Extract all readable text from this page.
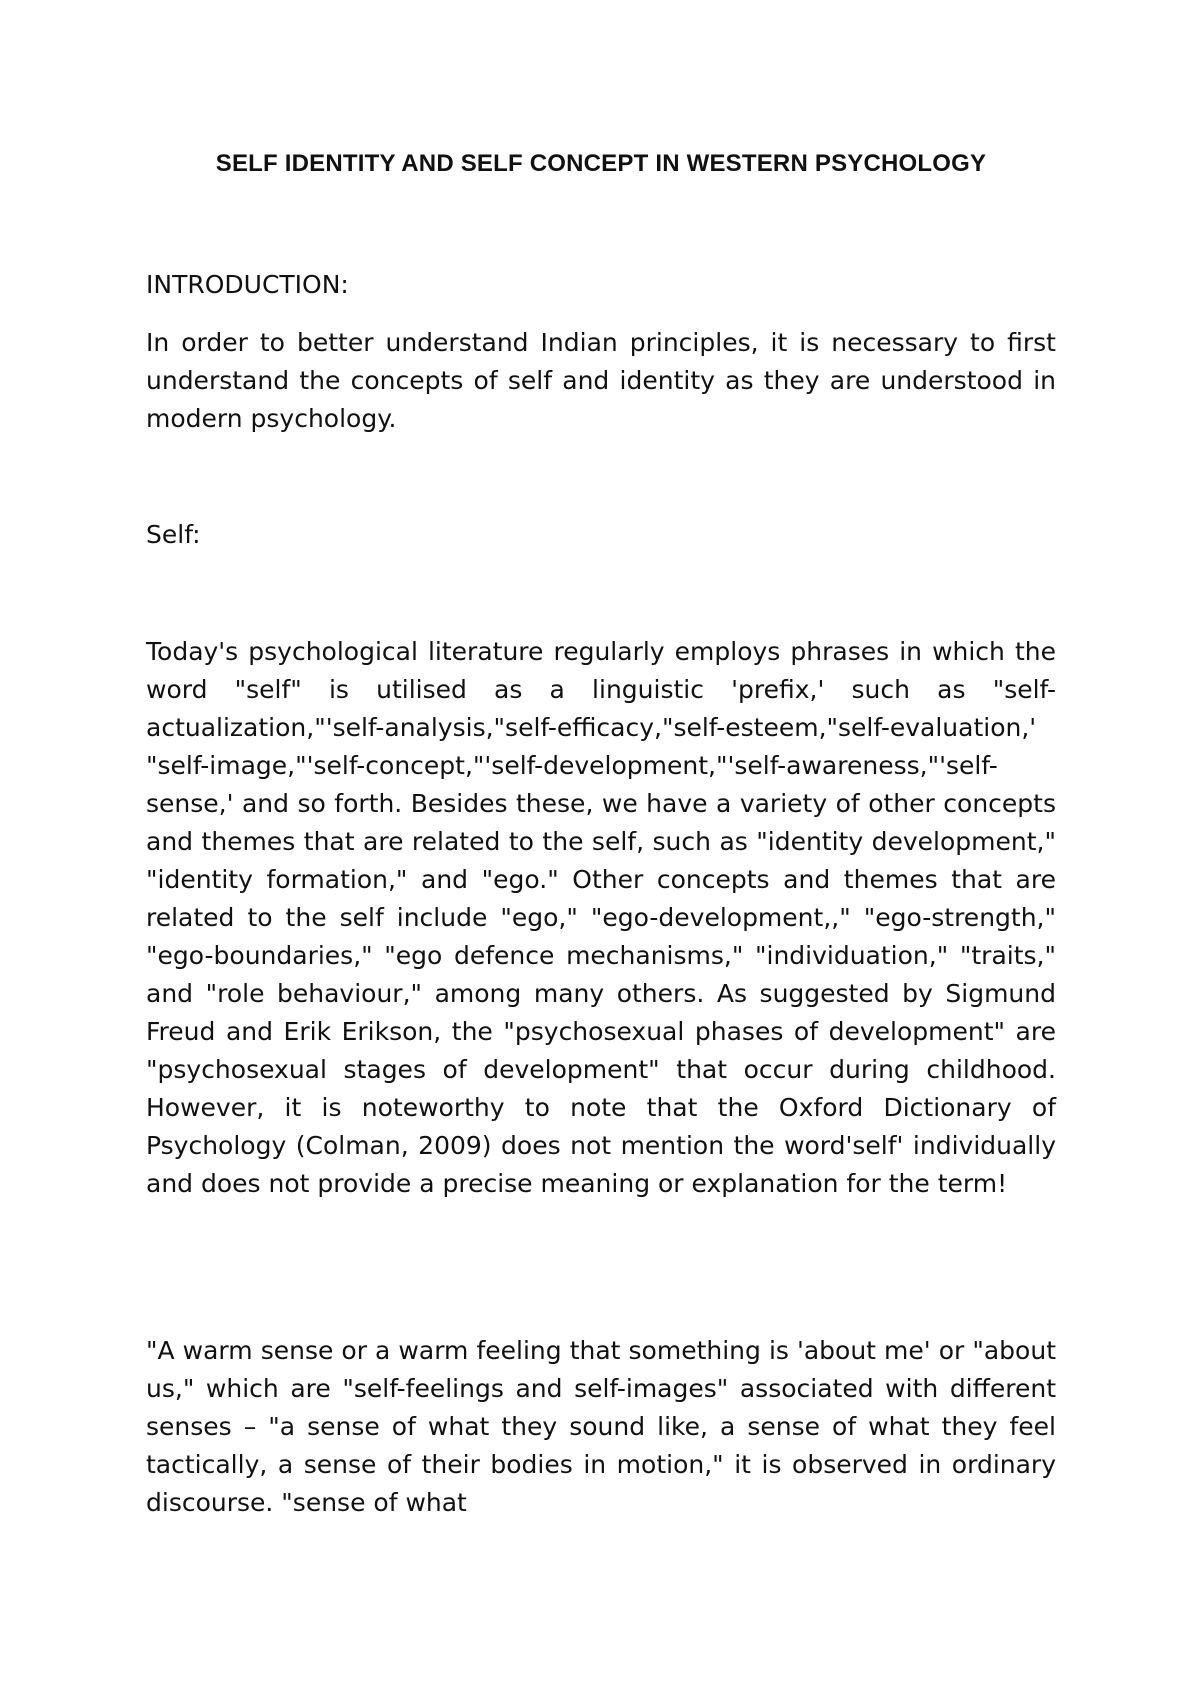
SELF IDENTITY AND SELF CONCEPT IN WESTERN PSYCHOLOGY

INTRODUCTION:

In order to better understand Indian principles, it is necessary to first understand the concepts of self and identity as they are understood in modern psychology.

Self:

Today's psychological literature regularly employs phrases in which the word "self" is utilised as a linguistic 'prefix,' such as "self-actualization,"'self-analysis,"self-efficacy,"self-esteem,"self-evaluation,' "self-image,"'self-concept,"'self-development,"'self-awareness,"'self-sense,' and so forth. Besides these, we have a variety of other concepts and themes that are related to the self, such as "identity development," "identity formation," and "ego." Other concepts and themes that are related to the self include "ego," "ego-development,," "ego-strength," "ego-boundaries," "ego defence mechanisms," "individuation," "traits," and "role behaviour," among many others. As suggested by Sigmund Freud and Erik Erikson, the "psychosexual phases of development" are "psychosexual stages of development" that occur during childhood. However, it is noteworthy to note that the Oxford Dictionary of Psychology (Colman, 2009) does not mention the word'self' individually and does not provide a precise meaning or explanation for the term!

"A warm sense or a warm feeling that something is 'about me' or "about us," which are "self-feelings and self-images" associated with different senses – "a sense of what they sound like, a sense of what they feel tactically, a sense of their bodies in motion," it is observed in ordinary discourse. "sense of what
